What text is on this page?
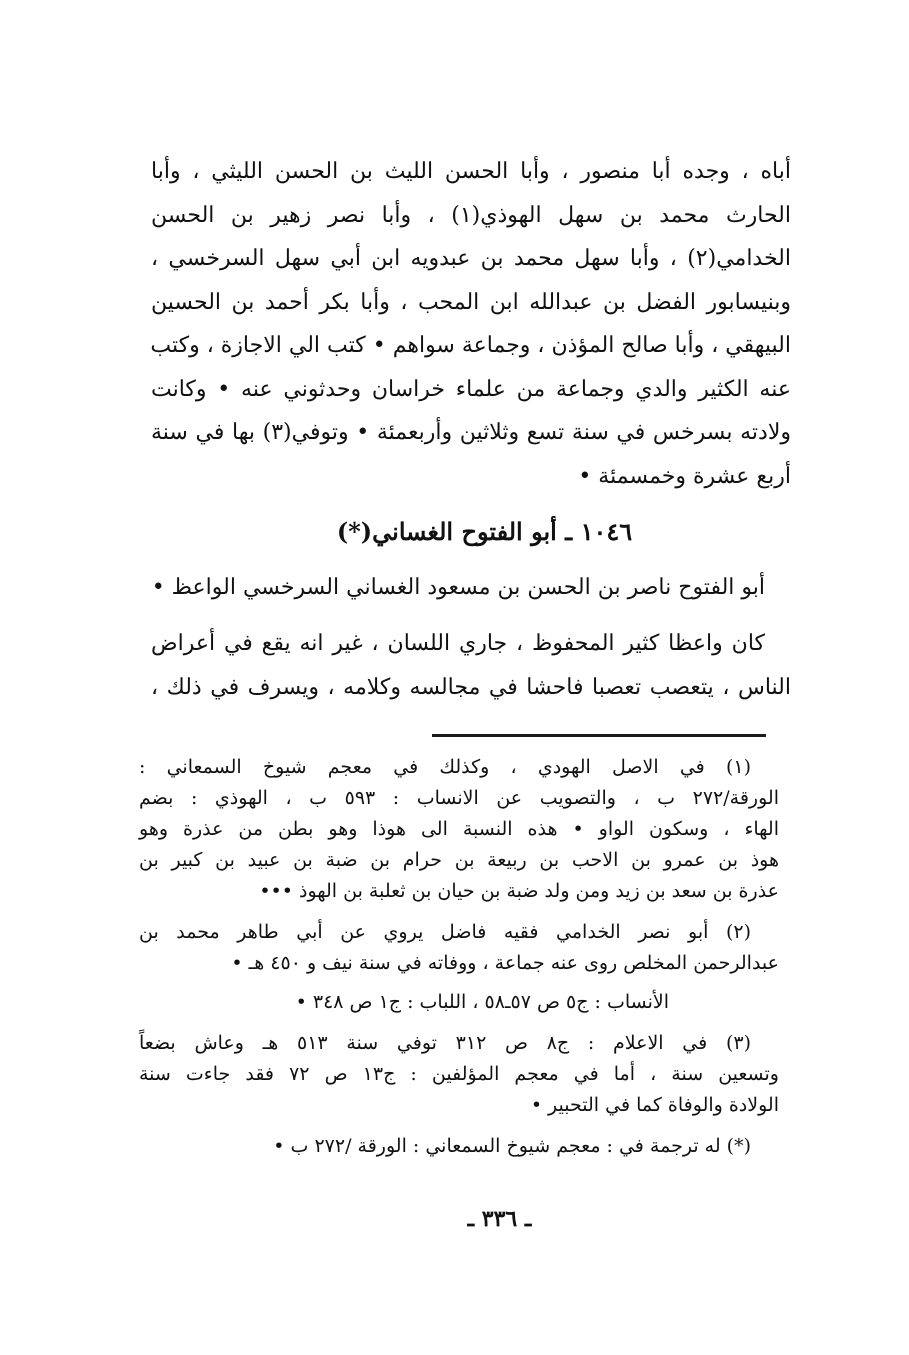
أباه ، وجده أبا منصور ، وأبا الحسن الليث بن الحسن الليثي ، وأبا
الحارث محمد بن سهل الهوذي(١) ، وأبا نصر زهير بن الحسن
الخدامي(٢) ، وأبا سهل محمد بن عبدويه ابن أبي سهل السرخسي ،
وبنيسابور الفضل بن عبدالله ابن المحب ، وأبا بكر أحمد بن الحسين
البيهقي ، وأبا صالح المؤذن ، وجماعة سواهم • كتب الي الاجازة ، وكتب
عنه الكثير والدي وجماعة من علماء خراسان وحدثوني عنه • وكانت
ولادته بسرخس في سنة تسع وثلاثين وأربعمئة • وتوفي(٣) بها في سنة
أربع عشرة وخمسمئة •
١٠٤٦ ـ أبو الفتوح الغساني(*)
أبو الفتوح ناصر بن الحسن بن مسعود الغساني السرخسي الواعظ •
كان واعظا كثير المحفوظ ، جاري اللسان ، غير انه يقع في أعراض
الناس ، يتعصب تعصبا فاحشا في مجالسه وكلامه ، ويسرف في ذلك ،
(١) في الاصل الهودي ، وكذلك في معجم شيوخ السمعاني :
الورقة/٢٧٢ ب ، والتصويب عن الانساب : ٥٩٣ ب ، الهوذي : بضم
الهاء ، وسكون الواو • هذه النسبة الى هوذا وهو بطن من عذرة وهو
هوذ بن عمرو بن الاحب بن ربيعة بن حرام بن ضبة بن عبيد بن كبير بن
عذرة بن سعد بن زيد ومن ولد ضبة بن حيان بن ثعلبة بن الهوذ •••
(٢) أبو نصر الخدامي فقيه فاضل يروي عن أبي طاهر محمد بن
عبدالرحمن المخلص روى عنه جماعة ، ووفاته في سنة نيف و ٤٥٠ هـ •
الأنساب : ج٥ ص ٥٧ـ٥٨ ، اللباب : ج١ ص ٣٤٨ •
(٣) في الاعلام : ج٨ ص ٣١٢ توفي سنة ٥١٣ هـ وعاش بضعاً
وتسعين سنة ، أما في معجم المؤلفين : ج١٣ ص ٧٢ فقد جاءت سنة
الولادة والوفاة كما في التحبير •
(*) له ترجمة في : معجم شيوخ السمعاني : الورقة /٢٧٢ ب •
ـ ٣٣٦ ـ
